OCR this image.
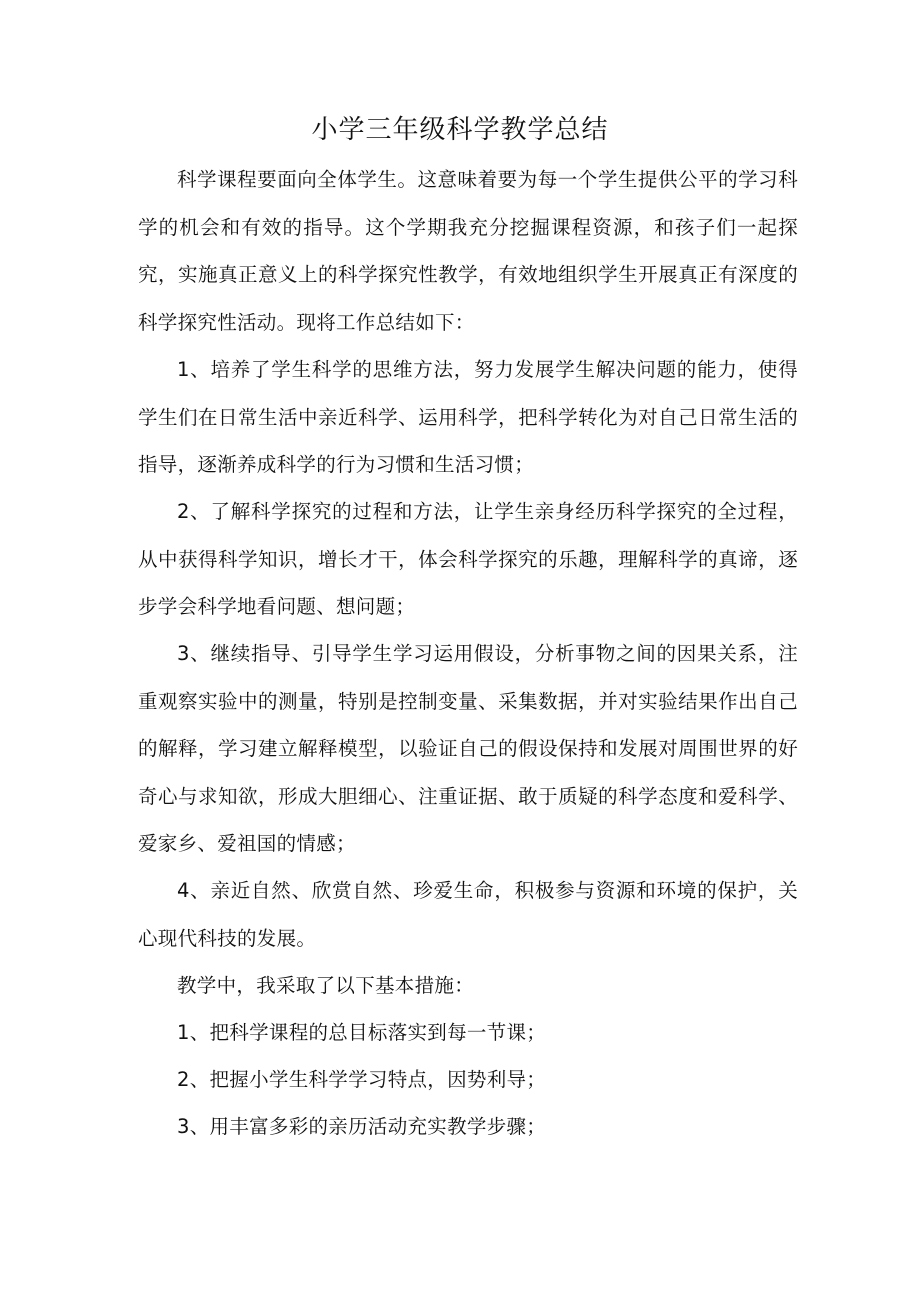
小学三年级科学教学总结

科学课程要面向全体学生。这意味着要为每一个学生提供公平的学习科学的机会和有效的指导。这个学期我充分挖掘课程资源，和孩子们一起探究，实施真正意义上的科学探究性教学，有效地组织学生开展真正有深度的科学探究性活动。现将工作总结如下：

1、培养了学生科学的思维方法，努力发展学生解决问题的能力，使得学生们在日常生活中亲近科学、运用科学，把科学转化为对自己日常生活的指导，逐渐养成科学的行为习惯和生活习惯；

2、了解科学探究的过程和方法，让学生亲身经历科学探究的全过程，从中获得科学知识，增长才干，体会科学探究的乐趣，理解科学的真谛，逐步学会科学地看问题、想问题；

3、继续指导、引导学生学习运用假设，分析事物之间的因果关系，注重观察实验中的测量，特别是控制变量、采集数据，并对实验结果作出自己的解释，学习建立解释模型，以验证自己的假设保持和发展对周围世界的好奇心与求知欲，形成大胆细心、注重证据、敢于质疑的科学态度和爱科学、爱家乡、爱祖国的情感；

4、亲近自然、欣赏自然、珍爱生命，积极参与资源和环境的保护，关心现代科技的发展。

教学中，我采取了以下基本措施：

1、把科学课程的总目标落实到每一节课；

2、把握小学生科学学习特点，因势利导；

3、用丰富多彩的亲历活动充实教学步骤；
